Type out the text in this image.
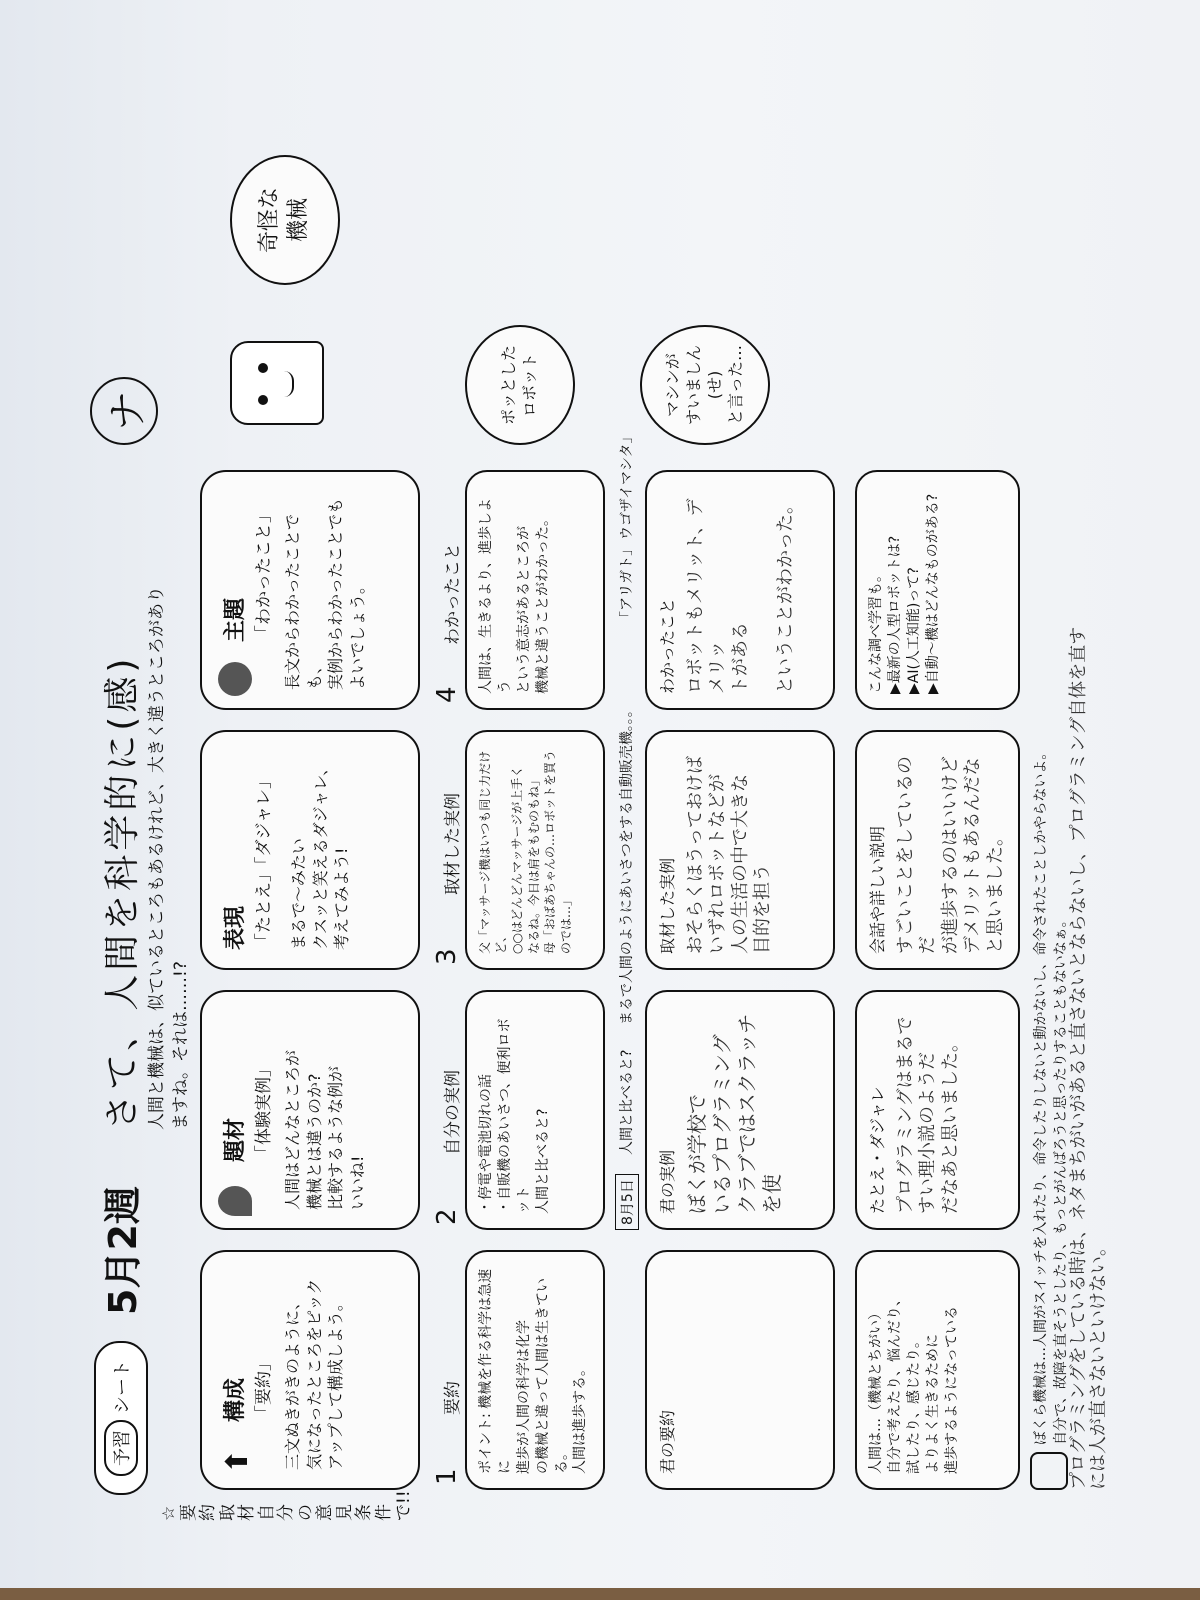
予習
シート
5月2週
さて、人間を科学的に(感) 人間と機械は、似ているところもあるけれど、大きく違うところがあり ますね。それは……!?
ナ
☆要約 取材 自分の 意見 条件 で!!
⬆
構成 「要約」 三文ぬきがきのように、
気になったところをピック
アップして構成しよう。
題材 「体験実例」 人間はどんなところが
機械とは違うのか?
比較するような例が
いいね!
表現 「たとえ」「ダジャレ」 まるで～みたい
クスッと笑えるダジャレ、
考えてみよう!
主題 「わかったこと」 長文からわかったことでも、
実例からわかったことでも
よいでしょう。
奇怪な
機械
1
要約
2
自分の実例
3
取材した実例
4
わかったこと
ポイント: 機械を作る科学は急速に
進歩が人間の科学は化学
の機械と違って人間は生きている。
人間は進歩する。
・停電や電池切れの話
・自販機のあいさつ、便利ロボット
人間と比べると?
父「マッサージ機はいつも同じ力だけど、
○○はどんどんマッサージが上手く
なるね。今日は肩をもむのもね」
母「おばあちゃんの…ロボットを買うのでは…」
人間は、生きるより、進歩しよう
という意志があるところが
機械と違うことがわかった。
ポッとした
ロボット
8月5日
人間と比べると?
まるで人間のようにあいさつをする自動販売機。。。
「アリガト」
ウゴザイマシタ」
君の要約
君の実例 ぼくが学校で
いるプログラミング
クラブではスクラッチを使
取材した実例 おそらくほうっておけば
いずれロボットなどが
人の生活の中で大きな
目的を担う
わかったこと ロボットもメリット、デメリッ
トがある

ということがわかった。
マシンが
すいましん
(せ)
と言った…
人間は…（機械とちがい）
自分で考えたり、悩んだり、
試したり、感じたり。
よりよく生きるために
進歩するようになっている
たとえ・ダジャレ プログラミングはまるで
すい理小説のようだ
だなあと思いました。
会話や詳しい説明 すごいことをしているのだ
が進歩するのはいいけど
デメリットもあるんだな
と思いました。
こんな調べ学習も。
▶最新の人型ロボットは?
▶AI(人工知能)って?
▶自動〜機はどんなものがある?
ぼくら機械は…人間がスイッチを入れたり、命令したりしないと動かないし、命令されたことしかやらないよ。 自分で、故障を直そうとしたり、もっとがんばろうと思ったりすることもないなぁ。 プログラミングをしている時は、ネタまちがいがあると直さないとならないし、プログラミング自体を直す には人が直さないといけない。
